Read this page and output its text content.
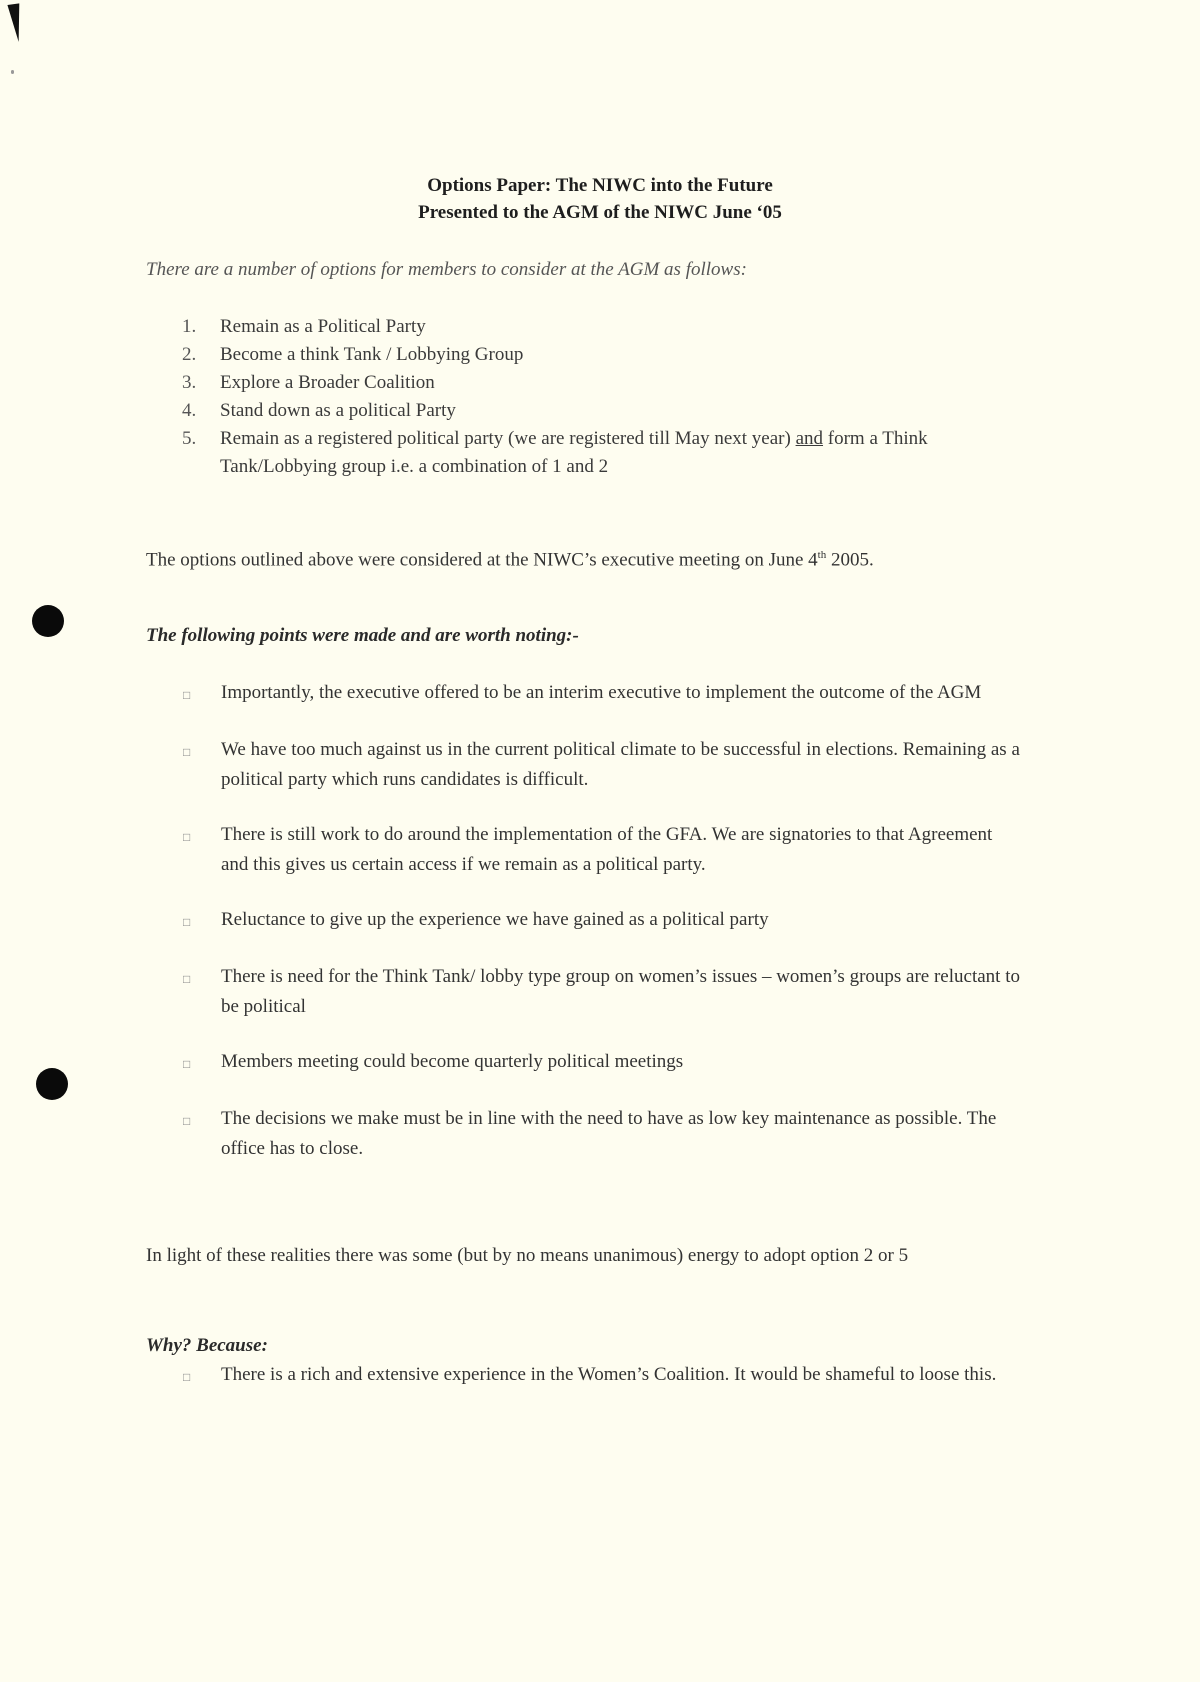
Options Paper: The NIWC into the Future
Presented to the AGM of the NIWC June ‘05
There are a number of options for members to consider at the AGM as follows:
1.	Remain as a Political Party
2.	Become a think Tank / Lobbying Group
3.	Explore a Broader Coalition
4.	Stand down as a political Party
5.	Remain as a registered political party (we are registered till May next year) and form a Think Tank/Lobbying group i.e. a combination of 1 and 2
The options outlined above were considered at the NIWC’s executive meeting on June 4th 2005.
The following points were made and are worth noting:-
□	Importantly, the executive offered to be an interim executive to implement the outcome of the AGM
□	We have too much against us in the current political climate to be successful in elections. Remaining as a political party which runs candidates is difficult.
□	There is still work to do around the implementation of the GFA. We are signatories to that Agreement and this gives us certain access if we remain as a political party.
□	Reluctance to give up the experience we have gained as a political party
□	There is need for the Think Tank/ lobby type group on women’s issues – women’s groups are reluctant to be political
□	Members meeting could become quarterly political meetings
□	The decisions we make must be in line with the need to have as low key maintenance as possible. The office has to close.
In light of these realities there was some (but by no means unanimous) energy to adopt option 2 or 5
Why? Because:
□	There is a rich and extensive experience in the Women’s Coalition. It would be shameful to loose this.
